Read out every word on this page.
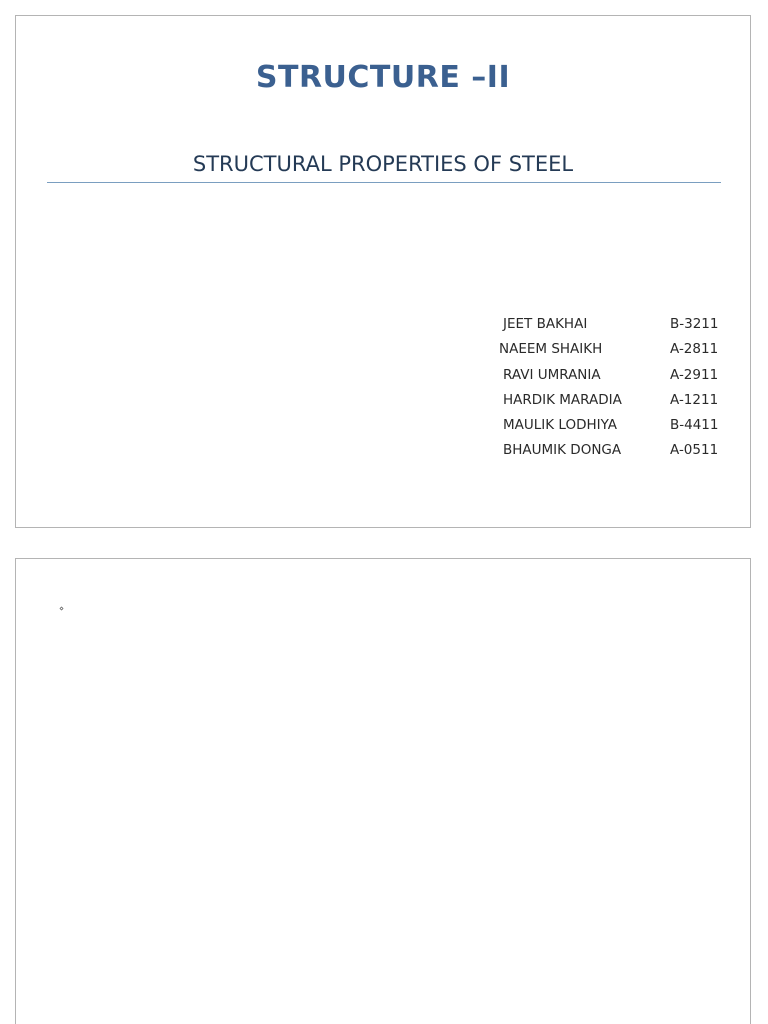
STRUCTURE –II
STRUCTURAL PROPERTIES OF STEEL
JEET BAKHAI	B-3211
NAEEM SHAIKH	A-2811
RAVI UMRANIA	A-2911
HARDIK MARADIA	A-1211
MAULIK LODHIYA	B-4411
BHAUMIK DONGA	A-0511
⋄
